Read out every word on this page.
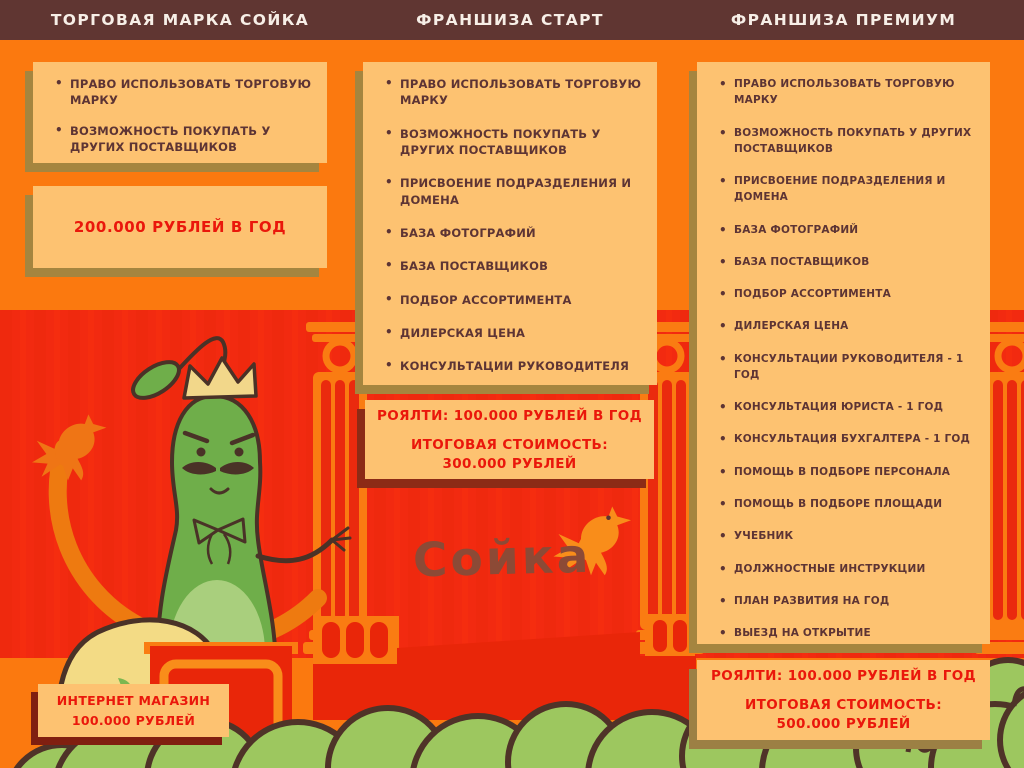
ТОРГОВАЯ МАРКА СОЙКА	ФРАНШИЗА СТАРТ	ФРАНШИЗА ПРЕМИУМ
• ПРАВО ИСПОЛЬЗОВАТЬ ТОРГОВУЮ МАРКУ
• ВОЗМОЖНОСТЬ ПОКУПАТЬ У ДРУГИХ ПОСТАВЩИКОВ
200.000 РУБЛЕЙ В ГОД
• ПРАВО ИСПОЛЬЗОВАТЬ ТОРГОВУЮ МАРКУ
• ВОЗМОЖНОСТЬ ПОКУПАТЬ У ДРУГИХ ПОСТАВЩИКОВ
• ПРИСВОЕНИЕ ПОДРАЗДЕЛЕНИЯ И ДОМЕНА
• БАЗА ФОТОГРАФИЙ
• БАЗА ПОСТАВЩИКОВ
• ПОДБОР АССОРТИМЕНТА
• ДИЛЕРСКАЯ ЦЕНА
• КОНСУЛЬТАЦИИ РУКОВОДИТЕЛЯ
РОЯЛТИ: 100.000 РУБЛЕЙ В ГОД
ИТОГОВАЯ СТОИМОСТЬ:
300.000 РУБЛЕЙ
• ПРАВО ИСПОЛЬЗОВАТЬ ТОРГОВУЮ МАРКУ
• ВОЗМОЖНОСТЬ ПОКУПАТЬ У ДРУГИХ ПОСТАВЩИКОВ
• ПРИСВОЕНИЕ ПОДРАЗДЕЛЕНИЯ И ДОМЕНА
• БАЗА ФОТОГРАФИЙ
• БАЗА ПОСТАВЩИКОВ
• ПОДБОР АССОРТИМЕНТА
• ДИЛЕРСКАЯ ЦЕНА
• КОНСУЛЬТАЦИИ РУКОВОДИТЕЛЯ - 1 ГОД
• КОНСУЛЬТАЦИЯ ЮРИСТА - 1 ГОД
• КОНСУЛЬТАЦИЯ БУХГАЛТЕРА - 1 ГОД
• ПОМОЩЬ В ПОДБОРЕ ПЕРСОНАЛА
• ПОМОЩЬ В ПОДБОРЕ ПЛОЩАДИ
• УЧЕБНИК
• ДОЛЖНОСТНЫЕ ИНСТРУКЦИИ
• ПЛАН РАЗВИТИЯ НА ГОД
• ВЫЕЗД НА ОТКРЫТИЕ
РОЯЛТИ: 100.000 РУБЛЕЙ В ГОД
ИТОГОВАЯ СТОИМОСТЬ:
500.000 РУБЛЕЙ
ИНТЕРНЕТ МАГАЗИН
100.000 РУБЛЕЙ
Сойка
